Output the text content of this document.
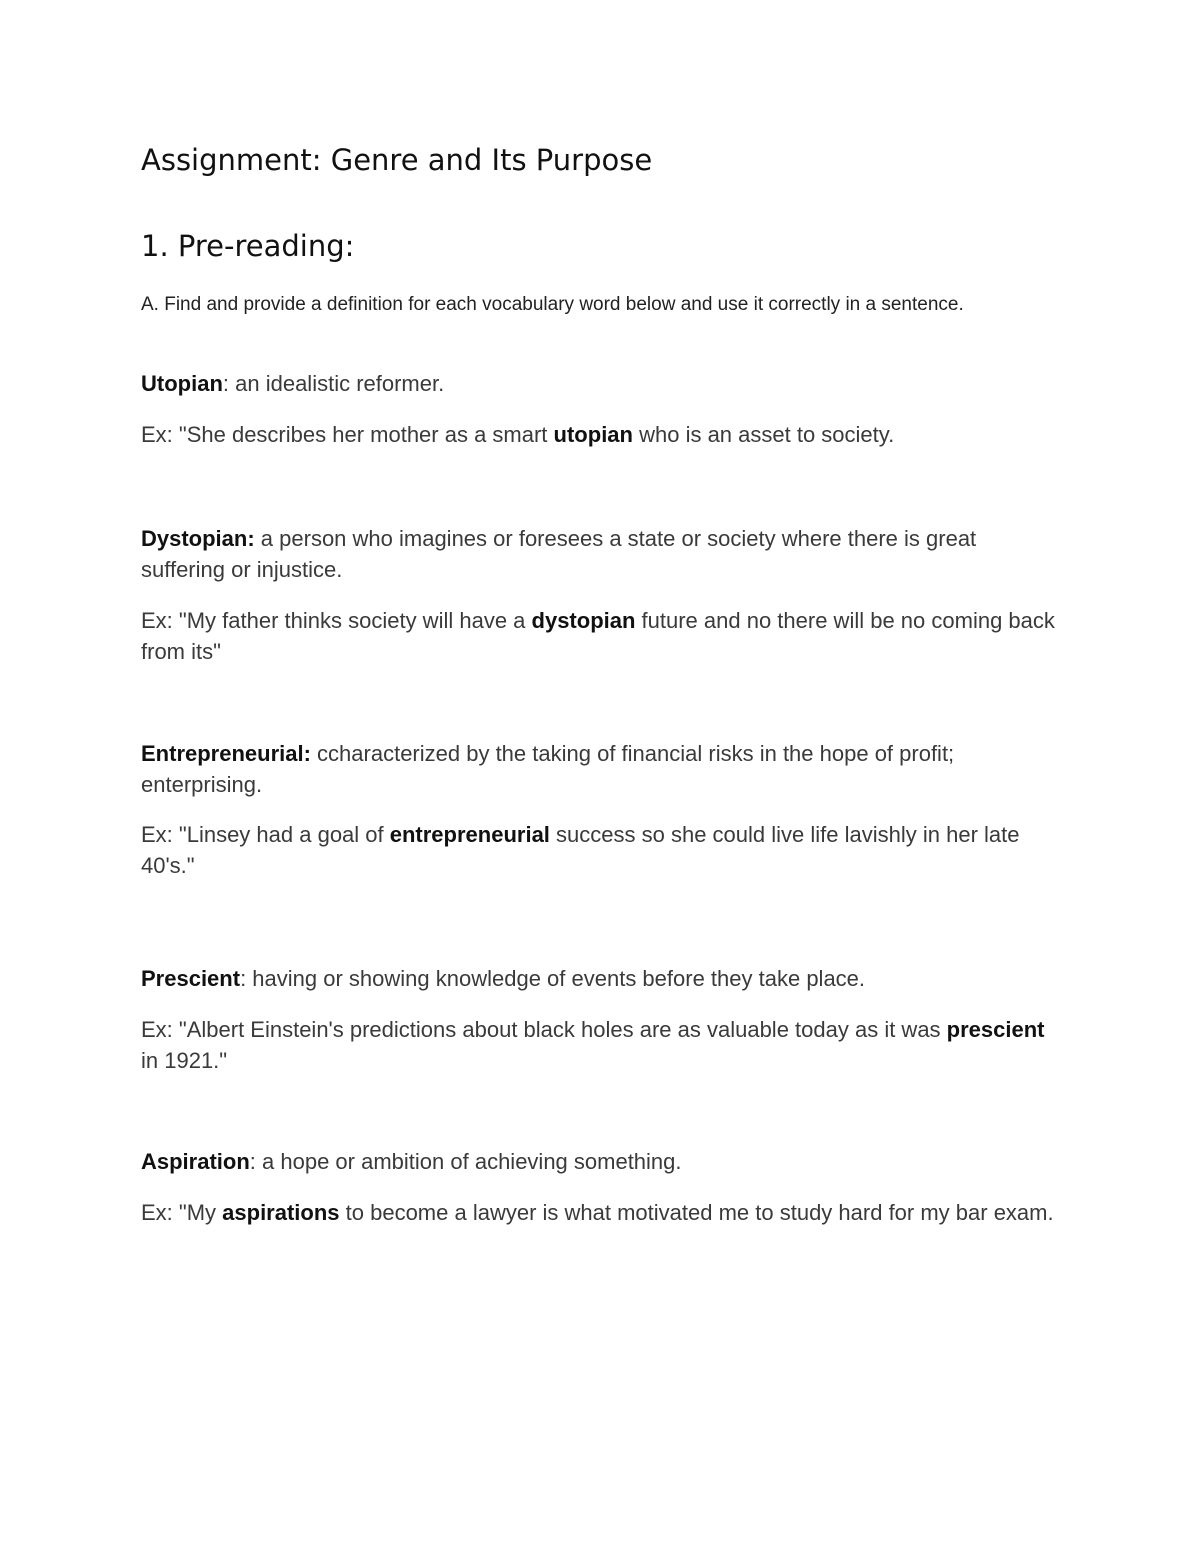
Assignment: Genre and Its Purpose
1. Pre-reading:

A. Find and provide a definition for each vocabulary word below and use it correctly in a sentence.

Utopian: an idealistic reformer.

Ex: "She describes her mother as a smart utopian who is an asset to society.

Dystopian: a person who imagines or foresees a state or society where there is great suffering or injustice.

Ex: "My father thinks society will have a dystopian future and no there will be no coming back from its"

Entrepreneurial: ccharacterized by the taking of financial risks in the hope of profit; enterprising.

Ex: "Linsey had a goal of entrepreneurial success so she could live life lavishly in her late 40's."

Prescient: having or showing knowledge of events before they take place.

Ex: "Albert Einstein's predictions about black holes are as valuable today as it was prescient in 1921."

Aspiration: a hope or ambition of achieving something.

Ex: "My aspirations to become a lawyer is what motivated me to study hard for my bar exam.
